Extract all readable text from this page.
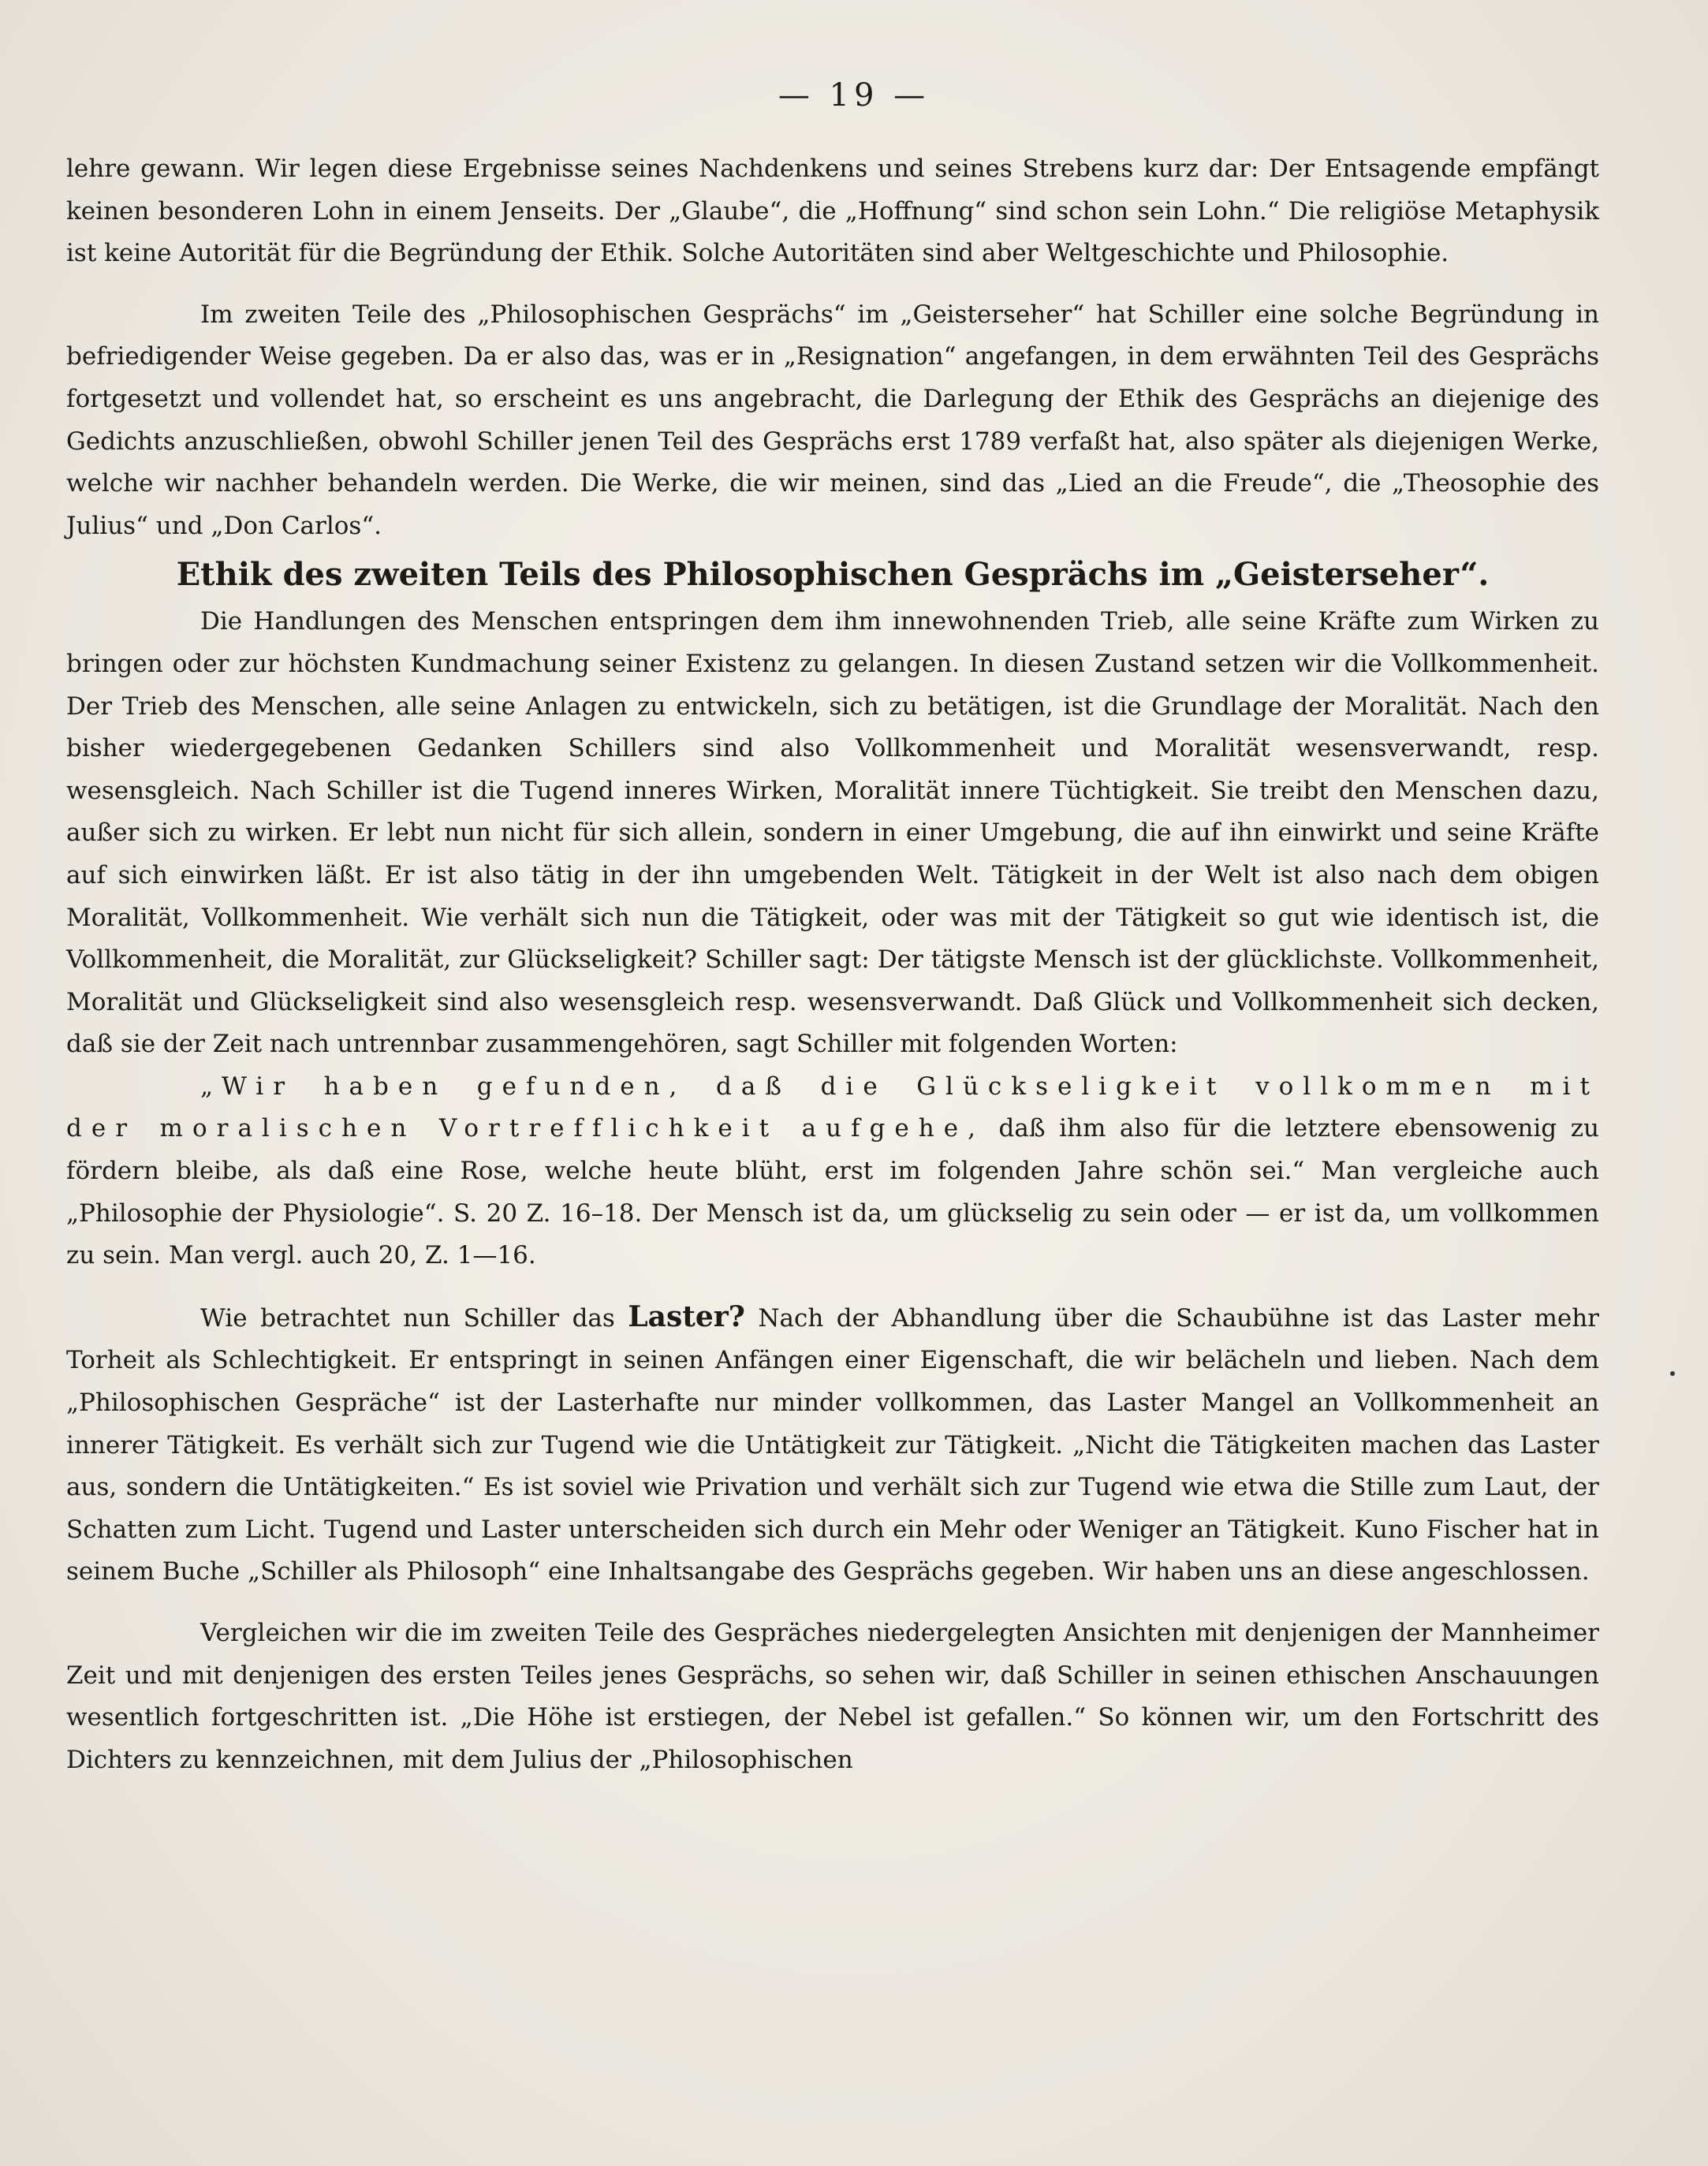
— 19 —

lehre gewann. Wir legen diese Ergebnisse seines Nachdenkens und seines Strebens kurz dar: Der Entsagende empfängt keinen besonderen Lohn in einem Jenseits. Der „Glaube“, die „Hoffnung“ sind schon sein Lohn.“ Die religiöse Metaphysik ist keine Autorität für die Begründung der Ethik. Solche Autoritäten sind aber Weltgeschichte und Philosophie.

Im zweiten Teile des „Philosophischen Gesprächs“ im „Geisterseher“ hat Schiller eine solche Begründung in befriedigender Weise gegeben. Da er also das, was er in „Resignation“ angefangen, in dem erwähnten Teil des Gesprächs fortgesetzt und vollendet hat, so erscheint es uns angebracht, die Darlegung der Ethik des Gesprächs an diejenige des Gedichts anzuschließen, obwohl Schiller jenen Teil des Gesprächs erst 1789 verfaßt hat, also später als diejenigen Werke, welche wir nachher behandeln werden. Die Werke, die wir meinen, sind das „Lied an die Freude“, die „Theosophie des Julius“ und „Don Carlos“.

Ethik des zweiten Teils des Philosophischen Gesprächs im „Geisterseher“.

Die Handlungen des Menschen entspringen dem ihm innewohnenden Trieb, alle seine Kräfte zum Wirken zu bringen oder zur höchsten Kundmachung seiner Existenz zu gelangen. In diesen Zustand setzen wir die Vollkommenheit. Der Trieb des Menschen, alle seine Anlagen zu entwickeln, sich zu betätigen, ist die Grundlage der Moralität. Nach den bisher wiedergegebenen Gedanken Schillers sind also Vollkommenheit und Moralität wesensverwandt, resp. wesensgleich. Nach Schiller ist die Tugend inneres Wirken, Moralität innere Tüchtigkeit. Sie treibt den Menschen dazu, außer sich zu wirken. Er lebt nun nicht für sich allein, sondern in einer Umgebung, die auf ihn einwirkt und seine Kräfte auf sich einwirken läßt. Er ist also tätig in der ihn umgebenden Welt. Tätigkeit in der Welt ist also nach dem obigen Moralität, Vollkommenheit. Wie verhält sich nun die Tätigkeit, oder was mit der Tätigkeit so gut wie identisch ist, die Vollkommenheit, die Moralität, zur Glückseligkeit? Schiller sagt: Der tätigste Mensch ist der glücklichste. Vollkommenheit, Moralität und Glückseligkeit sind also wesensgleich resp. wesensverwandt. Daß Glück und Vollkommenheit sich decken, daß sie der Zeit nach untrennbar zusammengehören, sagt Schiller mit folgenden Worten:

„Wir haben gefunden, daß die Glückseligkeit vollkommen mit der moralischen Vortrefflichkeit aufgehe, daß ihm also für die letztere ebensowenig zu fördern bleibe, als daß eine Rose, welche heute blüht, erst im folgenden Jahre schön sei.“ Man vergleiche auch „Philosophie der Physiologie“. S. 20 Z. 16–18. Der Mensch ist da, um glückselig zu sein oder — er ist da, um vollkommen zu sein. Man vergl. auch 20, Z. 1—16.

Wie betrachtet nun Schiller das Laster? Nach der Abhandlung über die Schaubühne ist das Laster mehr Torheit als Schlechtigkeit. Er entspringt in seinen Anfängen einer Eigenschaft, die wir belächeln und lieben. Nach dem „Philosophischen Gespräche“ ist der Lasterhafte nur minder vollkommen, das Laster Mangel an Vollkommenheit an innerer Tätigkeit. Es verhält sich zur Tugend wie die Untätigkeit zur Tätigkeit. „Nicht die Tätigkeiten machen das Laster aus, sondern die Untätigkeiten.“ Es ist soviel wie Privation und verhält sich zur Tugend wie etwa die Stille zum Laut, der Schatten zum Licht. Tugend und Laster unterscheiden sich durch ein Mehr oder Weniger an Tätigkeit. Kuno Fischer hat in seinem Buche „Schiller als Philosoph“ eine Inhaltsangabe des Gesprächs gegeben. Wir haben uns an diese angeschlossen.

Vergleichen wir die im zweiten Teile des Gespräches niedergelegten Ansichten mit denjenigen der Mannheimer Zeit und mit denjenigen des ersten Teiles jenes Gesprächs, so sehen wir, daß Schiller in seinen ethischen Anschauungen wesentlich fortgeschritten ist. „Die Höhe ist erstiegen, der Nebel ist gefallen.“ So können wir, um den Fortschritt des Dichters zu kennzeichnen, mit dem Julius der „Philosophischen
